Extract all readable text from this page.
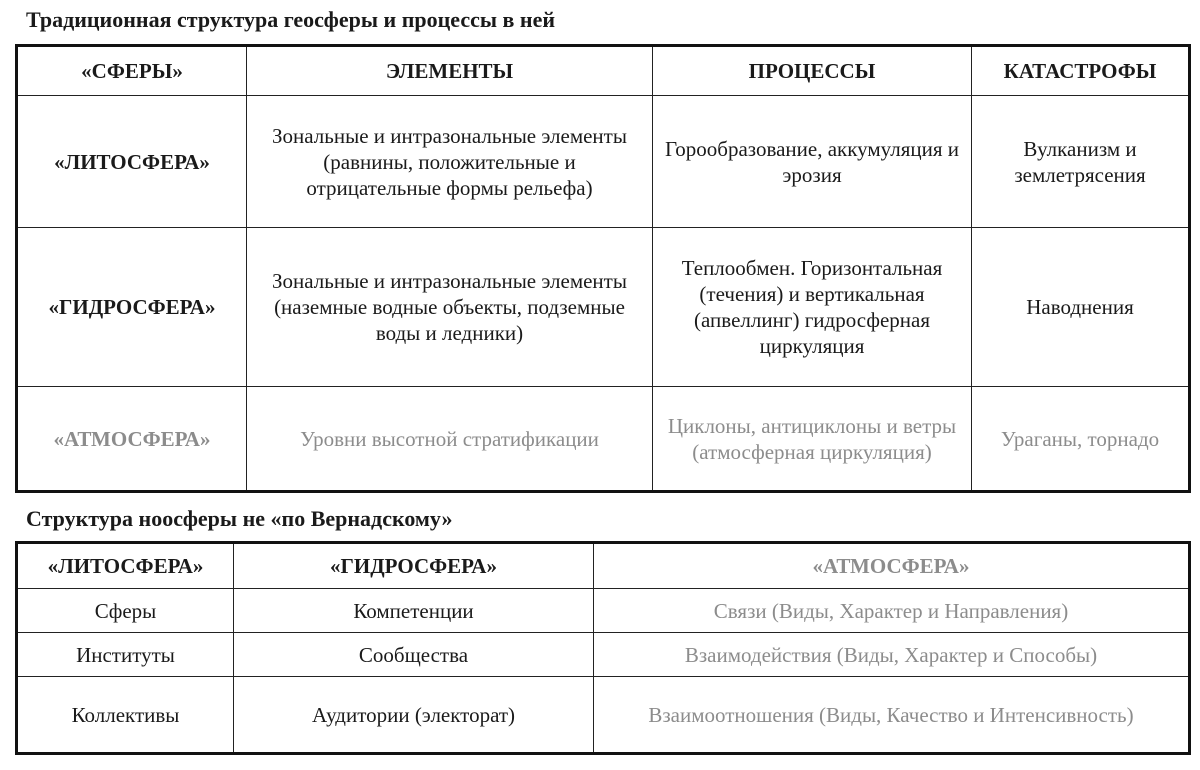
Традиционная структура геосферы и процессы в ней
«СФЕРЫ»	ЭЛЕМЕНТЫ	ПРОЦЕССЫ	КАТАСТРОФЫ
«ЛИТОСФЕРА»	Зональные и интразональные элементы (равнины, положительные и отрицательные формы рельефа)	Горообразование, аккумуляция и эрозия	Вулканизм и землетрясения
«ГИДРОСФЕРА»	Зональные и интразональные элементы (наземные водные объекты, подземные воды и ледники)	Теплообмен. Горизонтальная (течения) и вертикальная (апвеллинг) гидросферная циркуляция	Наводнения
«АТМОСФЕРА»	Уровни высотной стратификации	Циклоны, антициклоны и ветры (атмосферная циркуляция)	Ураганы, торнадо
Структура ноосферы не «по Вернадскому»
«ЛИТОСФЕРА»	«ГИДРОСФЕРА»	«АТМОСФЕРА»
Сферы	Компетенции	Связи (Виды, Характер и Направления)
Институты	Сообщества	Взаимодействия (Виды, Характер и Способы)
Коллективы	Аудитории (электорат)	Взаимоотношения (Виды, Качество и Интенсивность)
